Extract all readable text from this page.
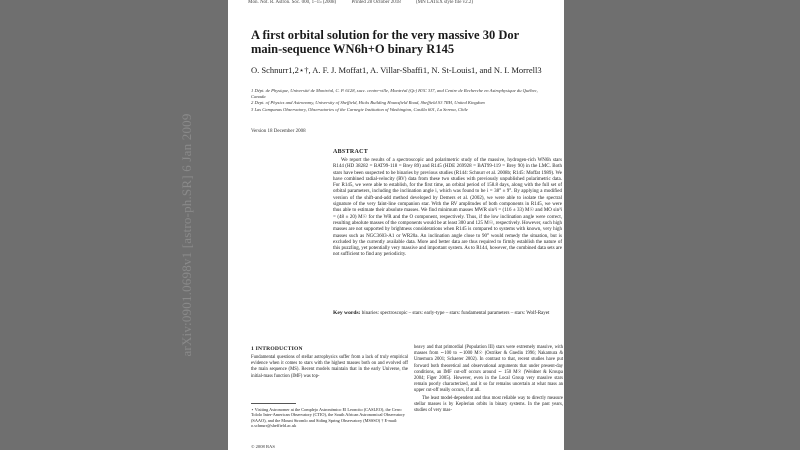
arXiv:0901.0698v1 [astro-ph.SR] 6 Jan 2009
Mon. Not. R. Astron. Soc. 000, 1–15 (2008)	Printed 28 October 2018	(MN LATEX style file v2.2)
A first orbital solution for the very massive 30 Dor main-sequence WN6h+O binary R145
O. Schnurr1,2⋆†, A. F. J. Moffat1, A. Villar-Sbaffi1, N. St-Louis1, and N. I. Morrell3

1 Dépt. de Physique, Université de Montréal, C. P. 6128, succ. centre-ville, Montréal (Qc) H3C 3J7, and Centre de Recherche en Astrophysique du Québec, Canada

2 Dept. of Physics and Astronomy, University of Sheffield, Hicks Building Hounsfield Road, Sheffield S3 7RH, United Kingdom

3 Las Campanas Observatory, Observatories of the Carnegie Institution of Washington, Casilla 601, La Serena, Chile

Version 18 December 2008
ABSTRACT
We report the results of a spectroscopic and polarimetric study of the massive, hydrogen-rich WN6h stars R144 (HD 38282 = BAT99-118 = Brey 89) and R145 (HDE 269928 = BAT99-119 = Brey 90) in the LMC. Both stars have been suspected to be binaries by previous studies (R144: Schnurr et al. 2008b; R145: Moffat 1989). We have combined radial-velocity (RV) data from these two studies with previously unpublished polarimetric data. For R145, we were able to establish, for the first time, an orbital period of 158.8 days, along with the full set of orbital parameters, including the inclination angle i, which was found to be i = 38° ± 9°. By applying a modified version of the shift-and-add method developed by Demers et al. (2002), we were able to isolate the spectral signature of the very faint-line companion star. With the RV amplitudes of both components in R145, we were thus able to estimate their absolute masses. We find minimum masses MWR sin³i = (116 ± 33) M☉ and MO sin³i = (48 ± 20) M☉ for the WR and the O component, respectively. Thus, if the low inclination angle were correct, resulting absolute masses of the components would be at least 300 and 125 M☉, respectively. However, such high masses are not supported by brightness considerations when R145 is compared to systems with known, very high masses such as NGC3603-A1 or WR20a. An inclination angle close to 90° would remedy the situation, but is excluded by the currently available data. More and better data are thus required to firmly establish the nature of this puzzling, yet potentially very massive and important system. As to R144, however, the combined data sets are not sufficient to find any periodicity.
Key words: binaries: spectroscopic – stars: early-type – stars: fundamental parameters – stars: Wolf-Rayet
1 INTRODUCTION
Fundamental questions of stellar astrophysics suffer from a lack of truly empirical evidence when it comes to stars with the highest masses both on and evolved off the main sequence (MS). Recent models maintain that in the early Universe, the initial-mass function (IMF) was top-

heavy and that primordial (Population III) stars were extremely massive, with masses from ∼100 to ∼1000 M☉ (Ostriker & Gnedin 1996; Nakamura & Umemura 2001; Schaerer 2002). In contrast to that, recent studies have put forward both theoretical and observational arguments that under present-day conditions, an IMF cut-off occurs around ∼ 150 M☉ (Weidner & Kroupa 2004; Figer 2005). However, even in the Local Group very massive stars remain poorly characterized, and it so far remains uncertain at what mass an upper cut-off really occurs, if at all.

The least model-dependent and thus most reliable way to directly measure stellar masses is by Keplerian orbits in binary systems. In the past years, studies of very mas-

⋆ Visiting Astronomer at the Complejo Astronómico El Leoncito (CASLEO), the Cerro Tololo Inter-American Observatory (CTIO), the South African Astronomical Observatory (SAAO), and the Mount Stromlo and Siding Spring Observatory (MSSSO) † E-mail: o.schnurr@sheffield.ac.uk
© 2008 RAS
